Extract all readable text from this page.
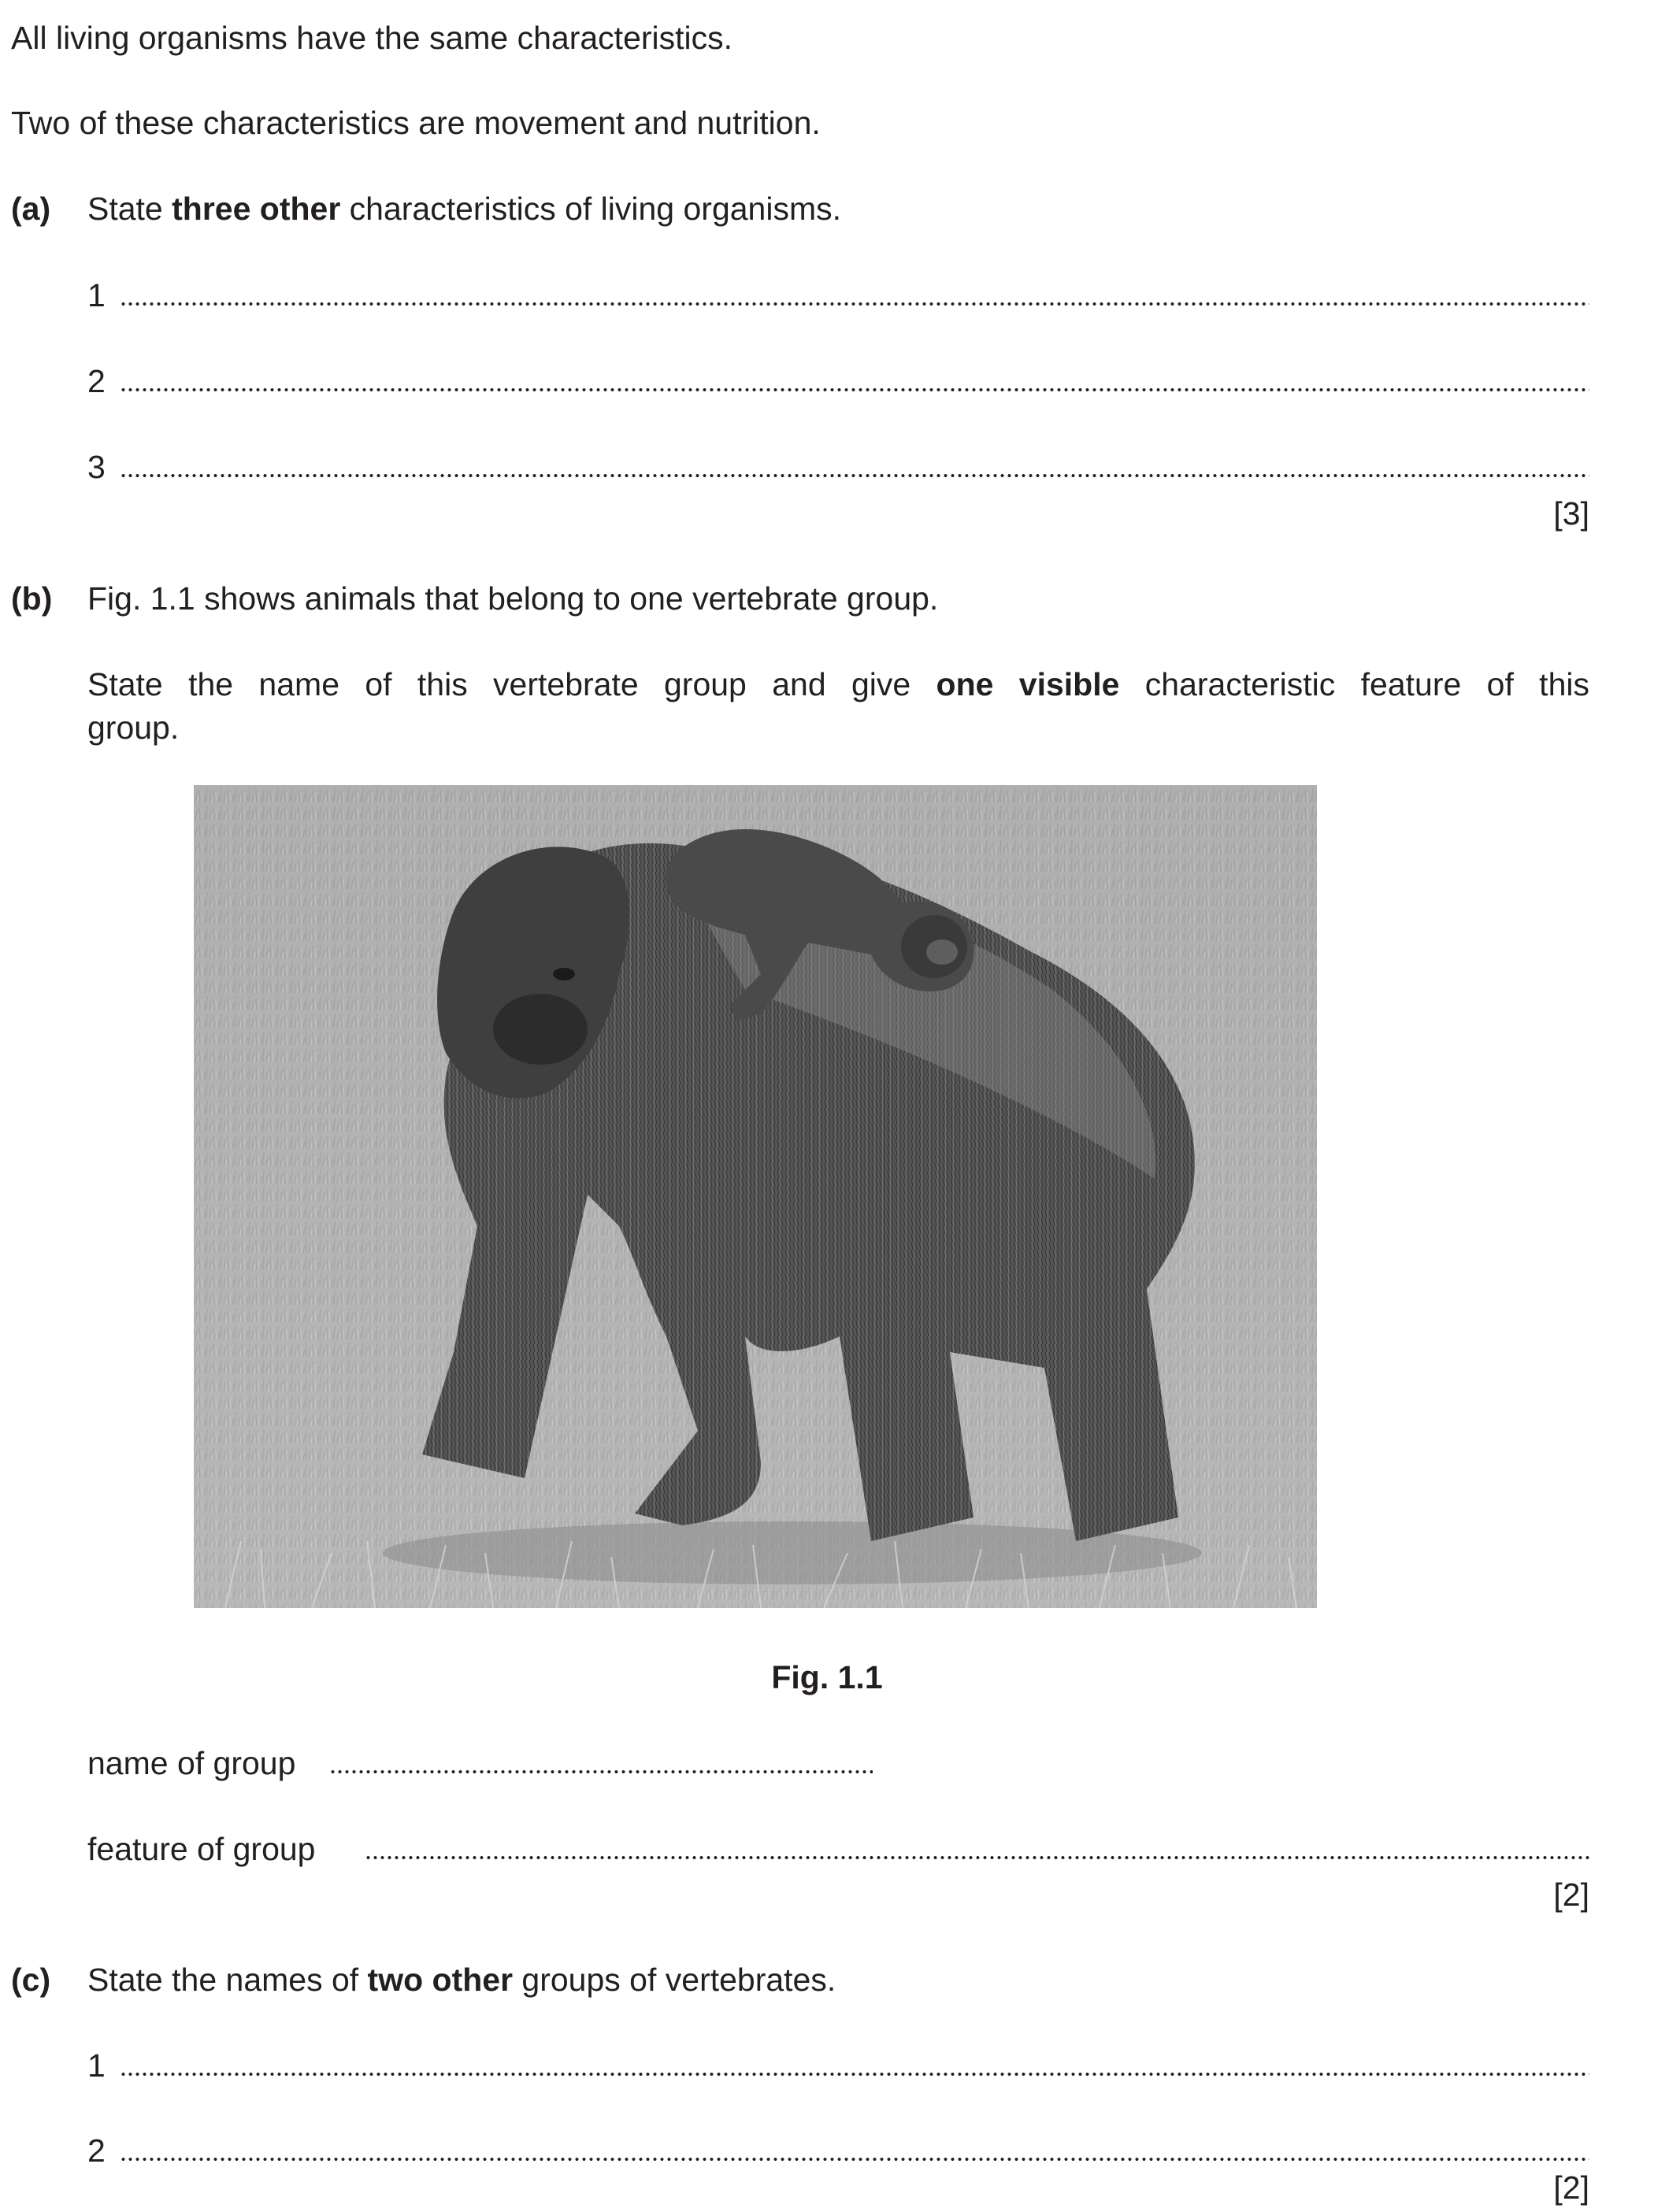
All living organisms have the same characteristics.
Two of these characteristics are movement and nutrition.
(a) State three other characteristics of living organisms.
1
2
3
[3]
(b) Fig. 1.1 shows animals that belong to one vertebrate group.
State the name of this vertebrate group and give one visible characteristic feature of this
group.
Fig. 1.1
name of group
feature of group
[2]
(c) State the names of two other groups of vertebrates.
1
2
[2]
